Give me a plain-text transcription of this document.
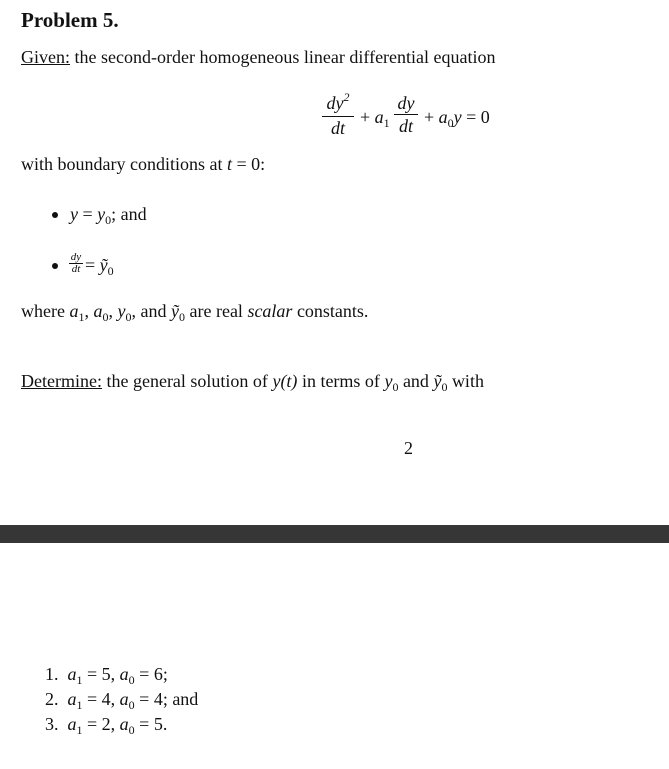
Problem 5.
Given: the second-order homogeneous linear differential equation
$dy^2$
dt
+ $a_1$
dy
dt + $a_0y = 0$
with boundary conditions at t = 0:
$y = y_0$; and
dy
dt = ỹ$_0$
where $a_1$, $a_0$, $y_0$, and ỹ$_0$ are real scalar constants.
Determine: the general solution of y(t) in terms of $y_0$ and ỹ$_0$ with
2
1. $a_1 = 5$, $a_0 = 6$;
2. $a_1 = 4$, $a_0 = 4$; and
3. $a_1 = 2$, $a_0 = 5$.
